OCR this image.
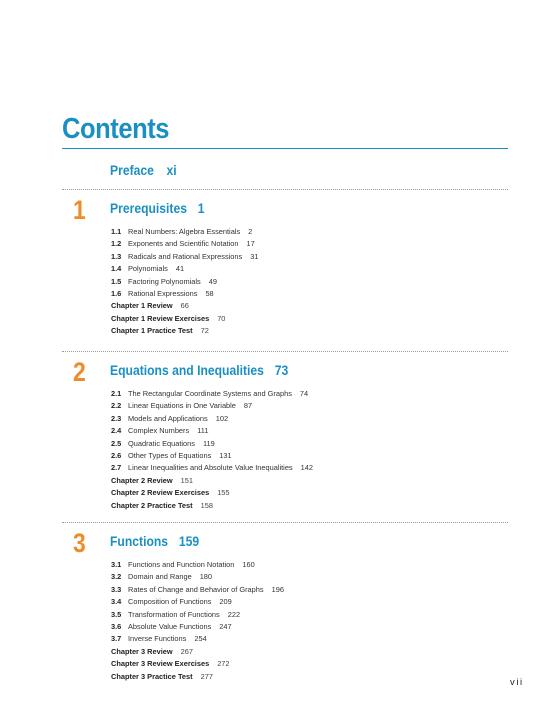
Contents
Preface xi
1 Prerequisites 1
1.1 Real Numbers: Algebra Essentials 2
1.2 Exponents and Scientific Notation 17
1.3 Radicals and Rational Expressions 31
1.4 Polynomials 41
1.5 Factoring Polynomials 49
1.6 Rational Expressions 58
Chapter 1 Review 66
Chapter 1 Review Exercises 70
Chapter 1 Practice Test 72
2 Equations and Inequalities 73
2.1 The Rectangular Coordinate Systems and Graphs 74
2.2 Linear Equations in One Variable 87
2.3 Models and Applications 102
2.4 Complex Numbers 111
2.5 Quadratic Equations 119
2.6 Other Types of Equations 131
2.7 Linear Inequalities and Absolute Value Inequalities 142
Chapter 2 Review 151
Chapter 2 Review Exercises 155
Chapter 2 Practice Test 158
3 Functions 159
3.1 Functions and Function Notation 160
3.2 Domain and Range 180
3.3 Rates of Change and Behavior of Graphs 196
3.4 Composition of Functions 209
3.5 Transformation of Functions 222
3.6 Absolute Value Functions 247
3.7 Inverse Functions 254
Chapter 3 Review 267
Chapter 3 Review Exercises 272
Chapter 3 Practice Test 277
vii
